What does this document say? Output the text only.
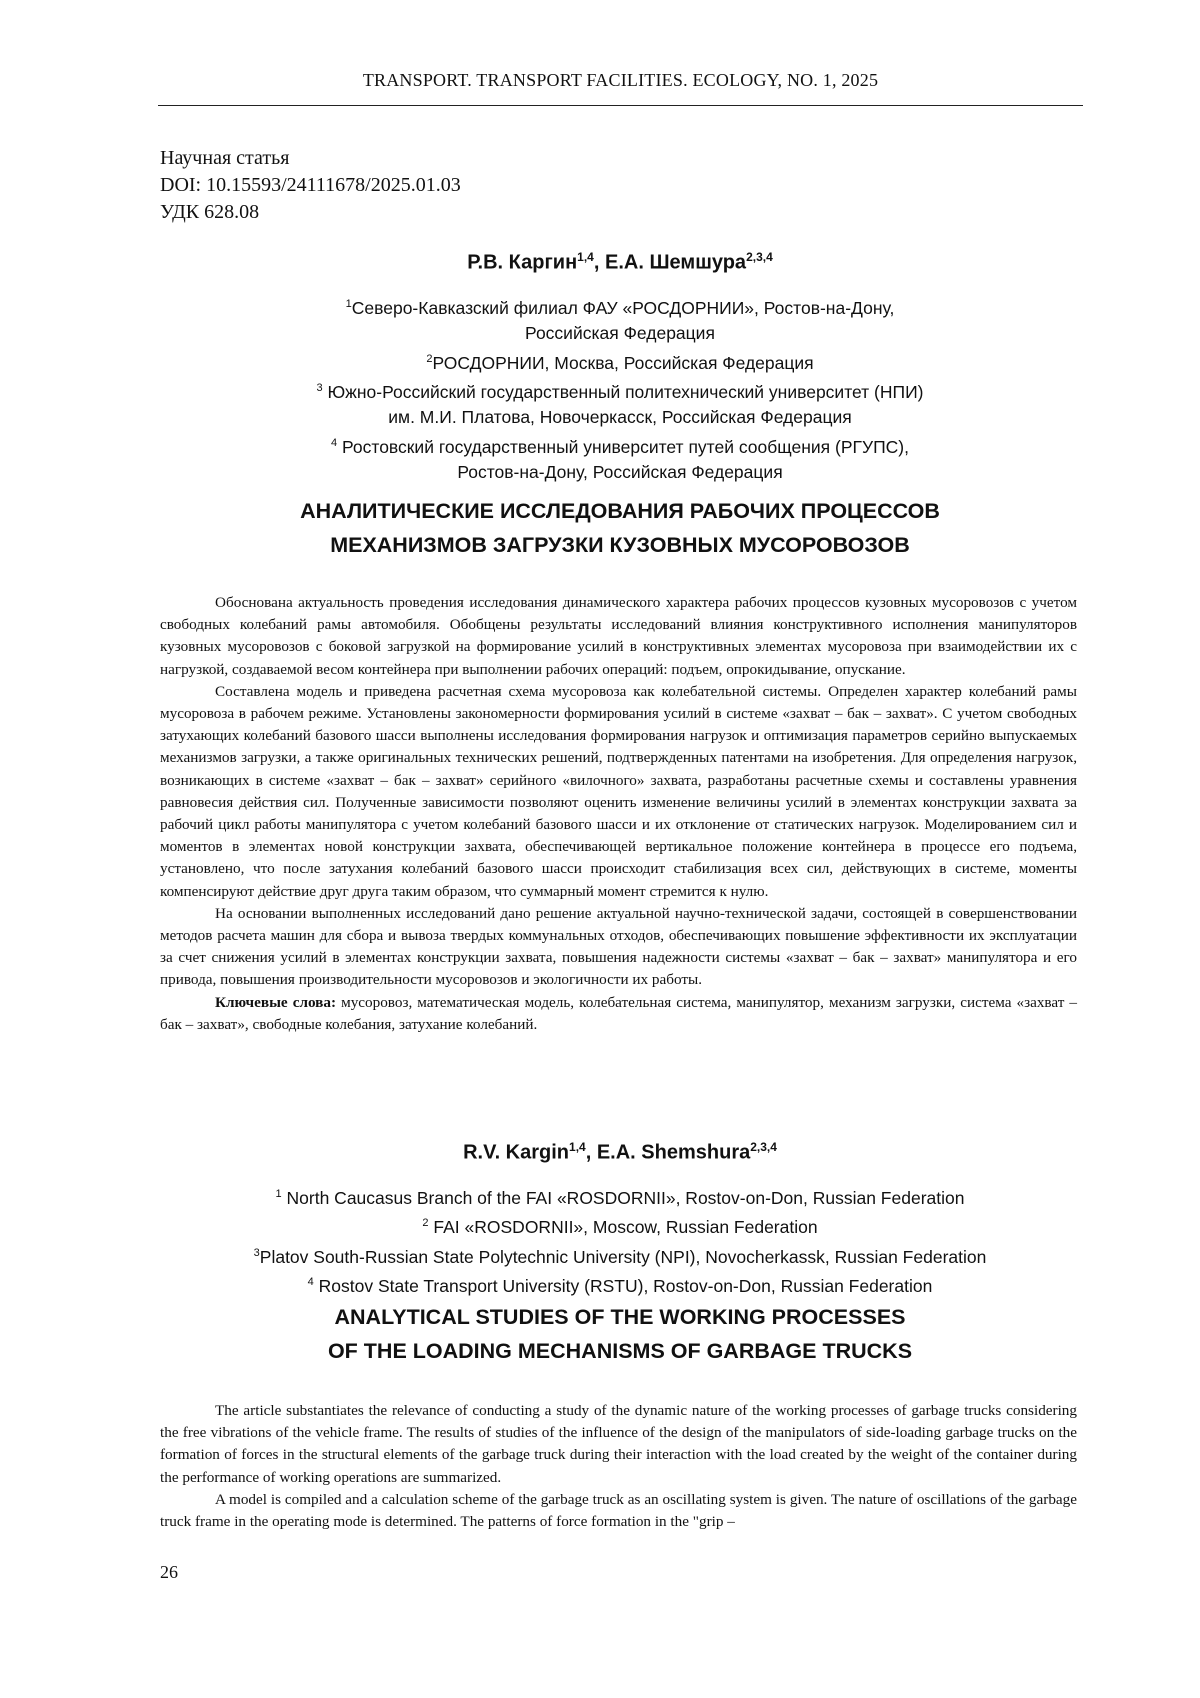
TRANSPORT. TRANSPORT FACILITIES. ECOLOGY, NO. 1, 2025
Научная статья
DOI: 10.15593/24111678/2025.01.03
УДК 628.08
Р.В. Каргин1,4, Е.А. Шемшура2,3,4
1Северо-Кавказский филиал ФАУ «РОСДОРНИИ», Ростов-на-Дону,
Российская Федерация
2РОСДОРНИИ, Москва, Российская Федерация
3 Южно-Российский государственный политехнический университет (НПИ)
им. М.И. Платова, Новочеркасск, Российская Федерация
4 Ростовский государственный университет путей сообщения (РГУПС),
Ростов-на-Дону, Российская Федерация
АНАЛИТИЧЕСКИЕ ИССЛЕДОВАНИЯ РАБОЧИХ ПРОЦЕССОВ
МЕХАНИЗМОВ ЗАГРУЗКИ КУЗОВНЫХ МУСОРОВОЗОВ

Обоснована актуальность проведения исследования динамического характера рабочих процессов кузовных мусоровозов с учетом свободных колебаний рамы автомобиля. Обобщены результаты исследований влияния конструктивного исполнения манипуляторов кузовных мусоровозов с боковой загрузкой на формирование усилий в конструктивных элементах мусоровоза при взаимодействии их с нагрузкой, создаваемой весом контейнера при выполнении рабочих операций: подъем, опрокидывание, опускание.

Составлена модель и приведена расчетная схема мусоровоза как колебательной системы. Определен характер колебаний рамы мусоровоза в рабочем режиме. Установлены закономерности формирования усилий в системе «захват – бак – захват». С учетом свободных затухающих колебаний базового шасси выполнены исследования формирования нагрузок и оптимизация параметров серийно выпускаемых механизмов загрузки, а также оригинальных технических решений, подтвержденных патентами на изобретения. Для определения нагрузок, возникающих в системе «захват – бак – захват» серийного «вилочного» захвата, разработаны расчетные схемы и составлены уравнения равновесия действия сил. Полученные зависимости позволяют оценить изменение величины усилий в элементах конструкции захвата за рабочий цикл работы манипулятора с учетом колебаний базового шасси и их отклонение от статических нагрузок. Моделированием сил и моментов в элементах новой конструкции захвата, обеспечивающей вертикальное положение контейнера в процессе его подъема, установлено, что после затухания колебаний базового шасси происходит стабилизация всех сил, действующих в системе, моменты компенсируют действие друг друга таким образом, что суммарный момент стремится к нулю.

На основании выполненных исследований дано решение актуальной научно-технической задачи, состоящей в совершенствовании методов расчета машин для сбора и вывоза твердых коммунальных отходов, обеспечивающих повышение эффективности их эксплуатации за счет снижения усилий в элементах конструкции захвата, повышения надежности системы «захват – бак – захват» манипулятора и его привода, повышения производительности мусоровозов и экологичности их работы.

Ключевые слова: мусоровоз, математическая модель, колебательная система, манипулятор, механизм загрузки, система «захват – бак – захват», свободные колебания, затухание колебаний.

R.V. Kargin1,4, E.A. Shemshura2,3,4
1 North Caucasus Branch of the FAI «ROSDORNII», Rostov-on-Don, Russian Federation
2 FAI «ROSDORNII», Moscow, Russian Federation
3Platov South-Russian State Polytechnic University (NPI), Novocherkassk, Russian Federation
4 Rostov State Transport University (RSTU), Rostov-on-Don, Russian Federation
ANALYTICAL STUDIES OF THE WORKING PROCESSES
OF THE LOADING MECHANISMS OF GARBAGE TRUCKS

The article substantiates the relevance of conducting a study of the dynamic nature of the working processes of garbage trucks considering the free vibrations of the vehicle frame. The results of studies of the influence of the design of the manipulators of side-loading garbage trucks on the formation of forces in the structural elements of the garbage truck during their interaction with the load created by the weight of the container during the performance of working operations are summarized.

A model is compiled and a calculation scheme of the garbage truck as an oscillating system is given. The nature of oscillations of the garbage truck frame in the operating mode is determined. The patterns of force formation in the "grip –

26
